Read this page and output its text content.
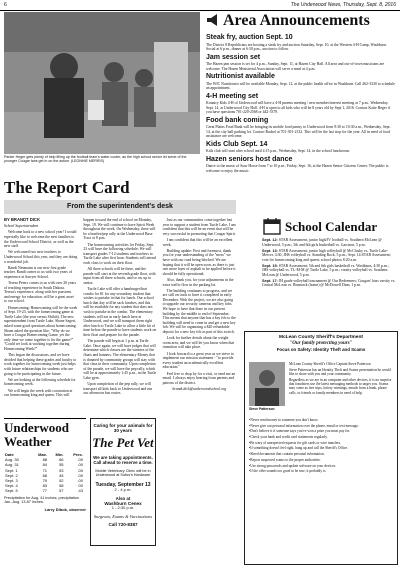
6	The Underwood News, Thursday, Sept. 8, 2016
Parker Heger gets plenty of help filling up the football team's water cooler, as the high school senior let some of the younger Cougar fans get in on the action. (LEONHIE MERRIS)
The Report Card
From the superintendent's desk

BY BRANDT DICK

School Superintendent

Welcome back to a new school year! I would especially like to welcome the new families to the Underwood School District, as well as the new staff.

We welcomed two new teachers to Underwood School this year, and they are doing a wonderful job.

Randi Neumann is our new first grade teacher. Randi comes to us with two years of experience at Sawyer School.

Teresa Peters comes to us with over 20 years of teaching experience in South Dakota. Teresa's experience, along with her passions and energy for education, will be a great asset to our school.

Homecoming: Homecoming will be the week of Sept. 19-23, with the homecoming game at Turtle Lake (the year versus Shiloh). The new superintendent from Turtle Lake, Shane Sagert, asked some good questions about homecoming. Shane asked the question like, "Why do we have a Cougar Homecoming Game, yet the only time we come together is for the game?" "Could we look at working together during Homecoming Week?"

This began the discussions, and we have decided that helping these grades and faculty to work together for homecoming week just helps with future relationships for students who are going to be participating in the future.

We are looking at the following schedule for homecoming week.

We will begin the week with coronation at our homecoming king and queen. This will happen toward the end of school on Monday, Sept. 19. We will continue to have Spirit Week throughout the week. On Wednesday, there will be a bonfire/pep rally at the Underwood Base Tract at 8 p.m.

The homecoming activities for Friday, Sept. 23 will have the following schedule: We will transport grades 7-12 students and teachers to Turtle Lake after first hour. Students will attend each class to work on their float.

All three schools will be there, and the parade will start at the seventh grade float, with input from all three schools, and so on, up to senior.

Turtle Lake will offer a hamburger/brat combo for $1 for any secondary student that wishes to partake in that for lunch. Our school lunch that day will be sack lunches, and this will be available for any student that does not wish to partake in the combo. The elementary students will eat as early lunch here at Underwood, and we will transport them right after lunch to Turtle Lake to allow a little bit of time before the parade to have students work on their float and prepare for the parade.

The parade will begin at 1 p.m. at Turtle Lake. Once again, we will have judges that will determine which classes are the winners of the floats and banners. The elementary Money that is donated by community groups will stay with that class in their community. Upon completion of the parade, we will have the pep rally, which will be at approximately 1:45 p.m., in the Turtle Lake gym.

Upon completion of the pep rally, we will transport all kids back to Underwood and run our afternoon bus routes.

Just as our communities come together last year to support a student from Turtle Lake, I am confident that this will be an event that will be very successful in promoting that Cougar Spirit.

I am confident that this will be an excellent week.

Building update: First and foremost, thank you for your understanding of the "mess" we have with our road being blocked. We are hoping that it will be open soon, as there is just one more layer of asphalt to be applied before it should be fully operational.

Also, thank you, for your adjustments in the extra traffic flow in the parking lot.

The building continues to progress, and we are still on track to have it completed in early December. With the project, we are also going to upgrade our security cameras and key fobs. We hope to have that done in our present building by the middle to end of September. This means that anyone that has a key fob to the building will need to come in and get a new key fob. We will be organizing a $20 refundable deposit for a new key fob as part of this switch.

Look for further details about the weight room area, and we will let you know when that transition will take place.

I look forward to a great year as we strive to implement our mission statement - "to provide every student an academically excellent education."

Feel free to drop by for a visit, or send me an email. I always enjoy hearing from parents and patrons of the district.

brandt.dick@underwoodschool.org

Underwood Weather
Date	Max.	Min.	Prec.
Aug. 30	88	66	.00
Aug. 31	84	55	.00
Sept. 1	71	53	.00
Sept. 2	68	45	.00
Sept. 3	79	52	.00
Sept. 4	83	58	.00
Sept. 5	77	57	.43
Precipitation for Aug. 41 inches; precipitation Jan.-Aug. 13.87 inches.
Larry Dibok, observer
Caring for your animals for 30 years
The Pet Vet
We are taking appointments. Call ahead to reserve a time.
Mobile Veterinary Clinic will be in Underwood at Sofus's Hardware
Tuesday, September 13
2 - 4 p.m.
Also at
Washburn Cenex
1 - 2:30 p.m.
Surgeons, Exams & Vaccinations
Call 720-8387
Area Announcements
Steak fry, auction Sept. 10

The District 8 Republicans are hosting a steak fry and auction Saturday, Sept. 10, at the Western 4-H Camp, Washburn. Social at 6 p.m., dinner at 6:30 p.m., auction to follow.

Jam session set

The Hazen jam session is set for 4 p.m., Sunday, Sept. 11, at Hazen City Hall. All area and out-of-town musicians are welcome. The Hazen Ministerial Association will serve a meal at 4 p.m.

Nutritionist available

The WIC Nutritionist will be available Monday, Sept. 12, at the public health office in Washburn. Call 462-3330 to schedule an appointment.

4-H meeting set

Kountry Kids 4-H of Underwood will have a 4-H parents meeting / new member/interest meeting at 7 p.m., Wednesday, Sept. 14, at Underwood City Hall. 4-H is open to all kids who will be 8 years old by Sept 1, 2016. Contact Katie Heger if you have questions 701-220-2568 or 442-5379.

Food bank coming

Great Plains Food Bank will be bringing its mobile food pantry to Underwood from 9:30 to 10:30 a.m., Wednesday, Sept. 14, at the city ball parking lot. Contact Rachel at 701-391-2132. This will be the last stop for the year. All in need of food assistance are welcome.

Kids Club Sept. 14

Kids club will start after school until 4:15 p.m., Wednesday, Sept. 14, in the school lunchroom.

Hazen seniors host dance

Dance to the music of Sour Horse from 7 to 10 p.m., Friday, Sept. 16, at the Hazen Senior Citizens Center. The public is welcome to enjoy the music.

School Calendar

Sept. 12: STAR Assessment; junior high/JV football vs. Southern McLean @ Underwood, 5 p.m.; 5th and 6th girls basketball vs. Garrison, 5 p.m.

Sept. 13: STAR Assessment; junior high volleyball @ McClusky vs. Turtle Lake-Mercer, 4:30; JHS volleyball vs. Standing Rock, 5 p.m.; Sept. 14:STAR Assessment; vote for homecoming king and queen; school photos 8:20 a.m.

Sept. 15: STAR Assessment; 5th and 6th girls basketball vs. Washburn, 4:30 p.m.; JHS volleyball vs. TL-M-M @ Turtle Lake, 5 p.m.; varsity volleyball vs. Southern McLean @ Underwood, 5 p.m.

Sept. 17: JH grade volleyball tournament @ Our Redeemers; Cougars' bass varsity vs. Central McLean vs. Bismarck (home) @ McDowell Dam, 1 p.m.

McLean County Sheriff's Department
"Our family protecting yours"
Focus on Safety: Identity Theft and Scams
Steve Patterson

McLean County Sheriff's Office Captain Steve Patterson

Steve Patterson has an Identity Theft and Scams presentation he would like to share with you and your community.

Regardless as we are in an computer and other devices, it is no surprise that fraudsters use the latest messaging methods to target you. Scams may come as free trips, lottery winnings, emails from a bank, phone calls, or friends or family members in need of help.

• Never send money to someone you don't know.

• Never give out personal information over the phone, email or text message.

• Don't believe it if someone says you've won a prize you must pay for.

• Check your bank and credit card statements regularly.

• Be wary of unexpected requests for gift cards or wire transfers.

• If something doesn't feel right, hang up and call the Sheriff's Office.

• Shred documents that contain personal information.

• Report suspected scams to the proper authorities.

• Use strong passwords and update software on your devices.

• If the offer sounds too good to be true, it probably is.
